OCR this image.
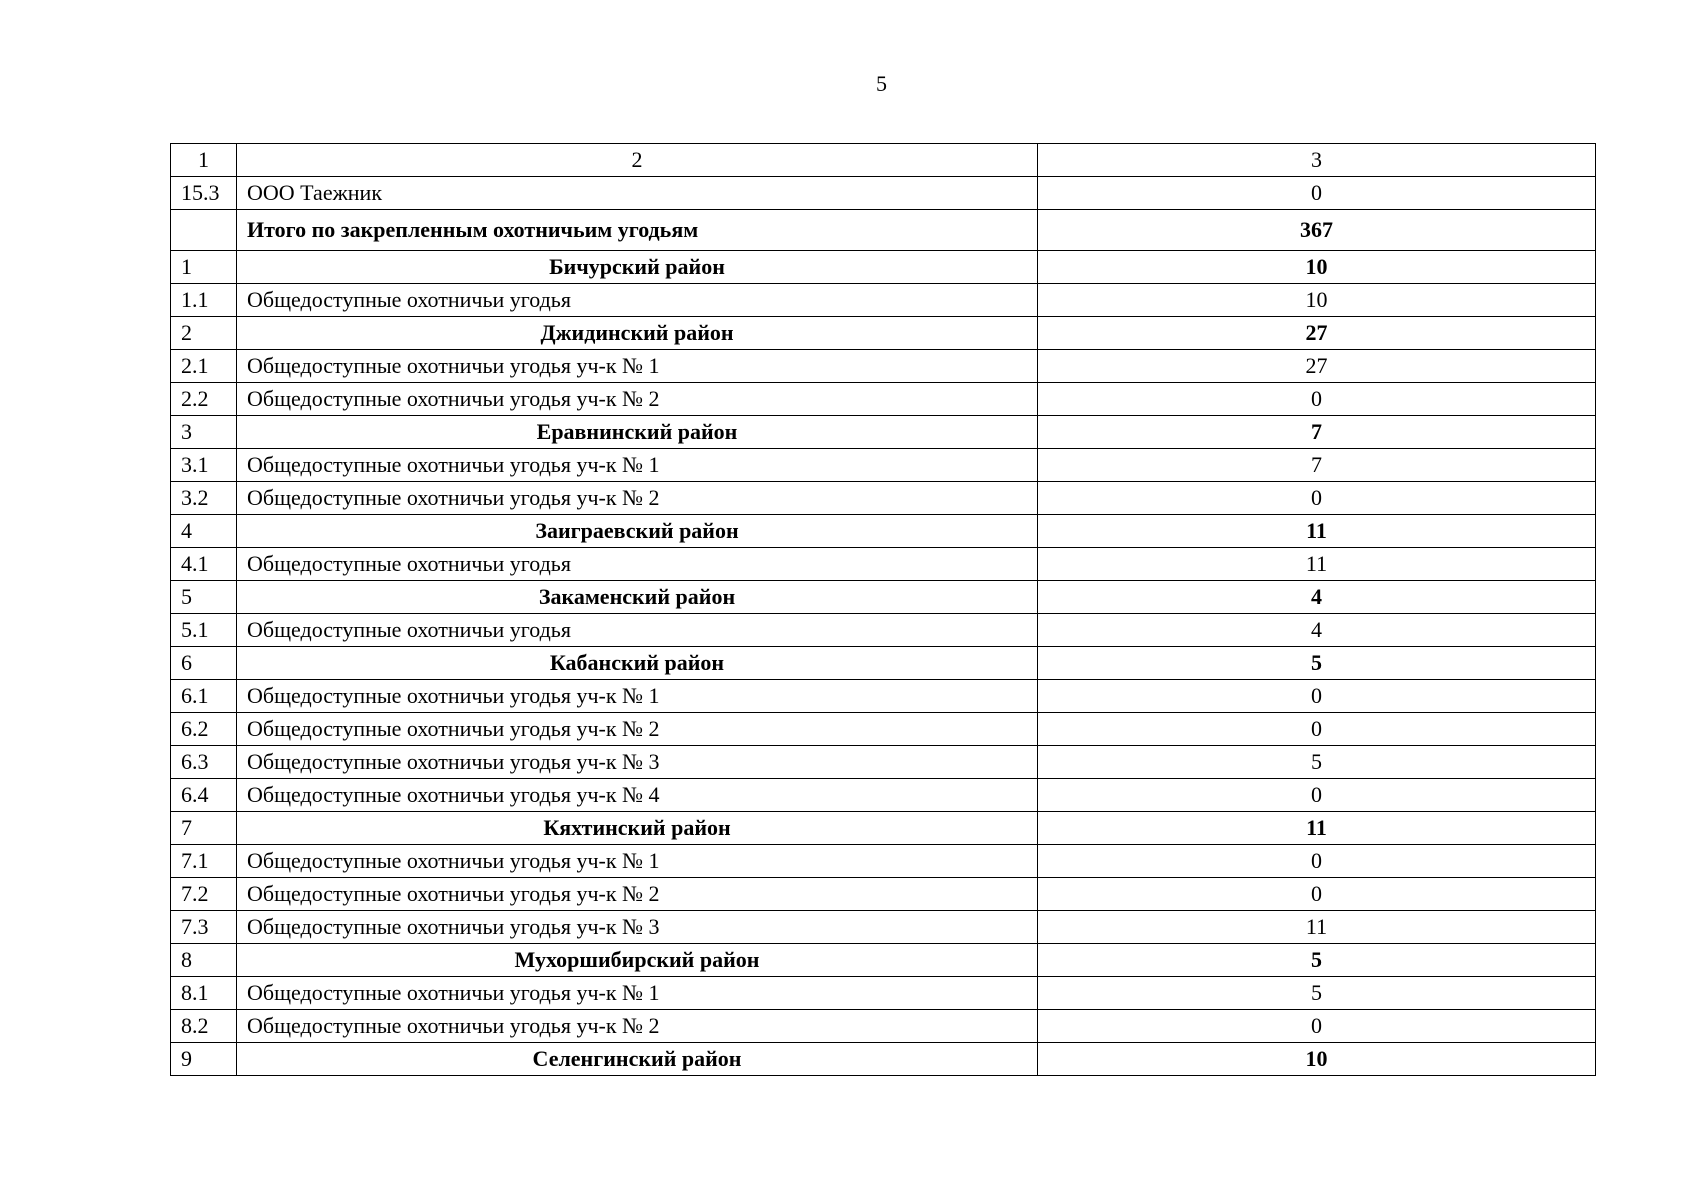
5
1	2	3
15.3	ООО Таежник	0
	Итого по закрепленным охотничьим угодьям	367
1	Бичурский район	10
1.1	Общедоступные охотничьи угодья	10
2	Джидинский район	27
2.1	Общедоступные охотничьи угодья уч-к № 1	27
2.2	Общедоступные охотничьи угодья уч-к № 2	0
3	Еравнинский район	7
3.1	Общедоступные охотничьи угодья уч-к № 1	7
3.2	Общедоступные охотничьи угодья уч-к № 2	0
4	Заиграевский район	11
4.1	Общедоступные охотничьи угодья	11
5	Закаменский район	4
5.1	Общедоступные охотничьи угодья	4
6	Кабанский район	5
6.1	Общедоступные охотничьи угодья уч-к № 1	0
6.2	Общедоступные охотничьи угодья уч-к № 2	0
6.3	Общедоступные охотничьи угодья уч-к № 3	5
6.4	Общедоступные охотничьи угодья уч-к № 4	0
7	Кяхтинский район	11
7.1	Общедоступные охотничьи угодья уч-к № 1	0
7.2	Общедоступные охотничьи угодья уч-к № 2	0
7.3	Общедоступные охотничьи угодья уч-к № 3	11
8	Мухоршибирский район	5
8.1	Общедоступные охотничьи угодья уч-к № 1	5
8.2	Общедоступные охотничьи угодья уч-к № 2	0
9	Селенгинский район	10
